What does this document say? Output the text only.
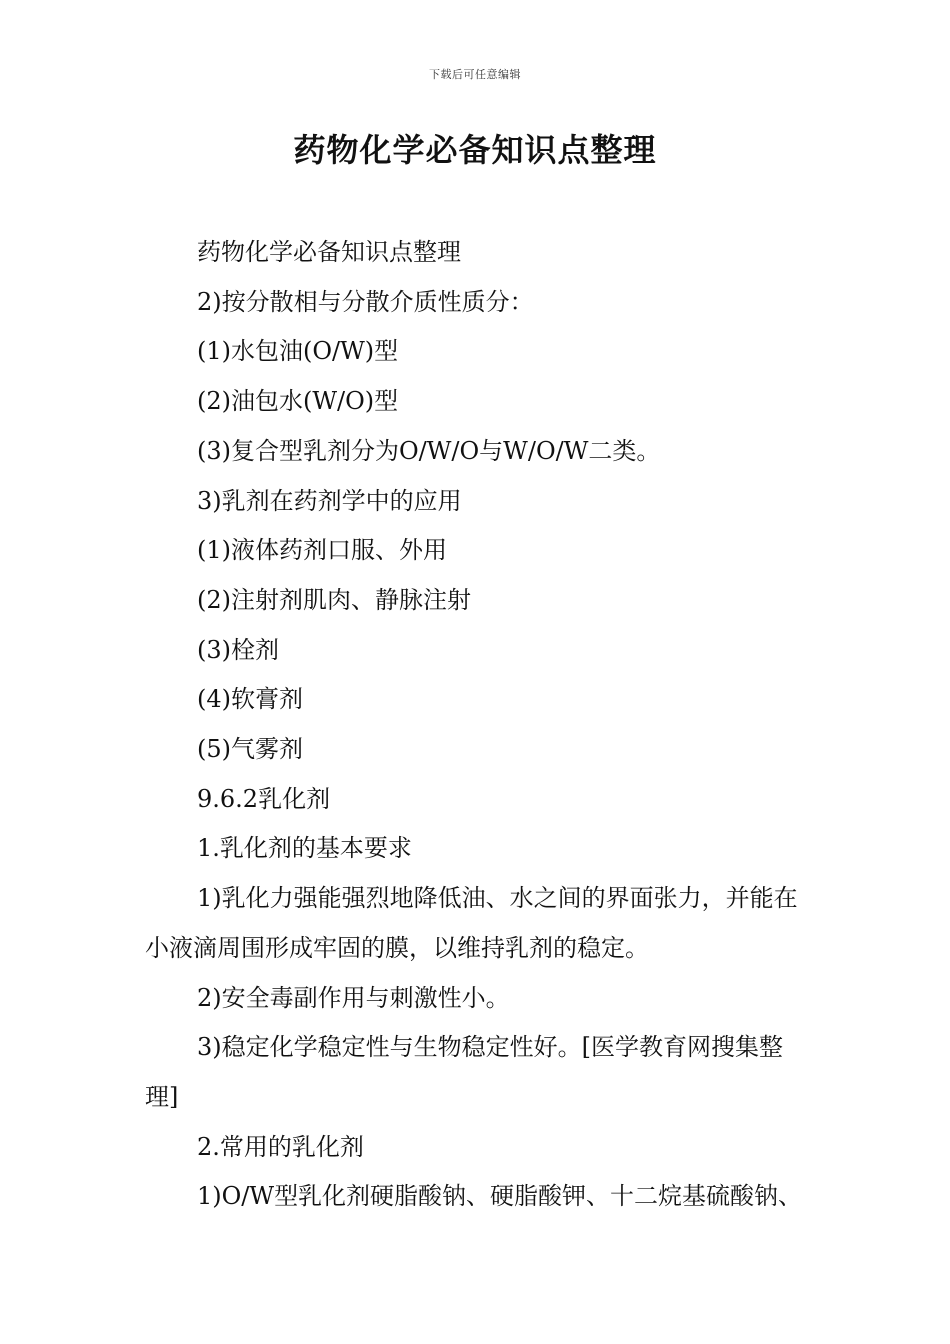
下载后可任意编辑
药物化学必备知识点整理

药物化学必备知识点整理

2)按分散相与分散介质性质分：

(1)水包油(O/W)型

(2)油包水(W/O)型

(3)复合型乳剂分为O/W/O与W/O/W二类。

3)乳剂在药剂学中的应用

(1)液体药剂口服、外用

(2)注射剂肌肉、静脉注射

(3)栓剂

(4)软膏剂

(5)气雾剂

9.6.2乳化剂

1.乳化剂的基本要求

1)乳化力强能强烈地降低油、水之间的界面张力，并能在小液滴周围形成牢固的膜，以维持乳剂的稳定。

2)安全毒副作用与刺激性小。

3)稳定化学稳定性与生物稳定性好。[医学教育网搜集整理]

2.常用的乳化剂

1)O/W型乳化剂硬脂酸钠、硬脂酸钾、十二烷基硫酸钠、
